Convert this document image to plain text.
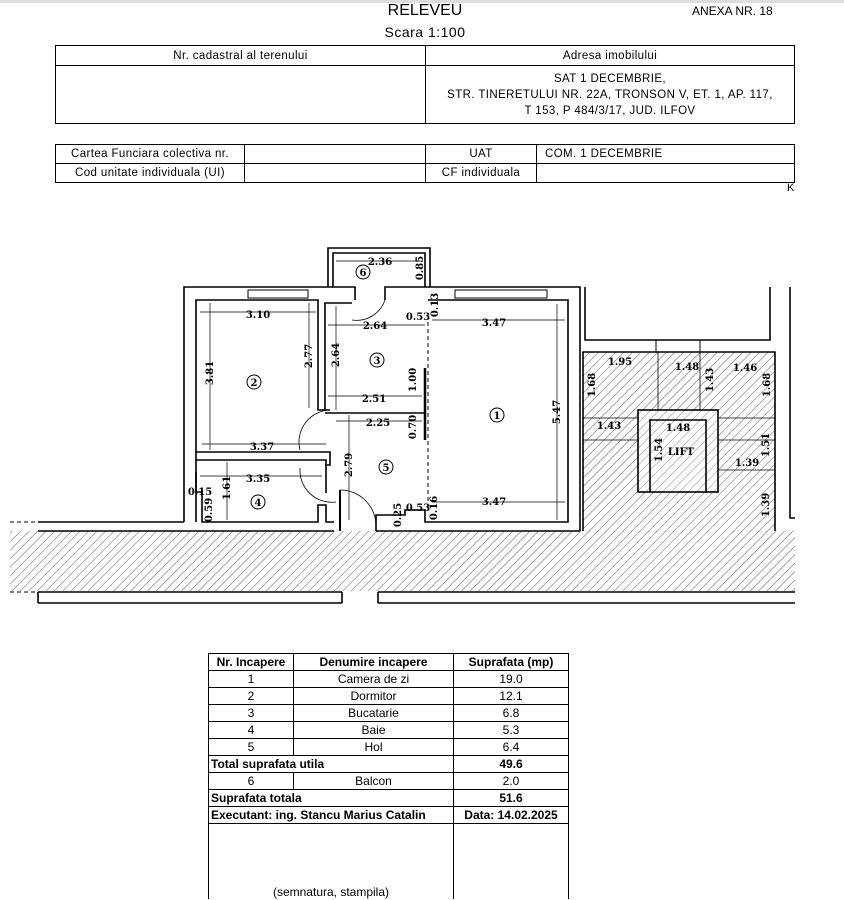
RELEVEU
Scara 1:100
ANEXA NR. 18
Nr. cadastral al terenului	Adresa imobilului

	SAT 1 DECEMBRIE,
STR. TINERETULUI NR. 22A, TRONSON V, ET. 1, AP. 117,
T 153, P 484/3/17, JUD. ILFOV
Cartea Funciara colectiva nr.		UAT	COM. 1 DECEMBRIE
Cod unitate individuala (UI)		CF individuala	
K
1
2
3
4
5
6
2.36 0.85
3.10
2.64
0.53
0.13
3.47
3.81
2.77 2.64
1.00
2.51
5.47
2.25 0.70
3.37
2.79
3.35
0.15 1.61
0.59	0.53
3.47
0.16
0.25
1.95	1.48
1.43 1.46
1.68	1.68
1.43	1.48
1.54 LIFT	1.51
1.39
1.39
Nr. Incapere	Denumire incapere	Suprafata (mp)
1	Camera de zi	19.0
2	Dormitor	12.1
3	Bucatarie	6.8
4	Baie	5.3
5	Hol	6.4
Total suprafata utila		49.6
6	Balcon	2.0
Suprafata totala		51.6
Executant: ing. Stancu Marius Catalin		Data: 14.02.2025
(semnatura, stampila)		
